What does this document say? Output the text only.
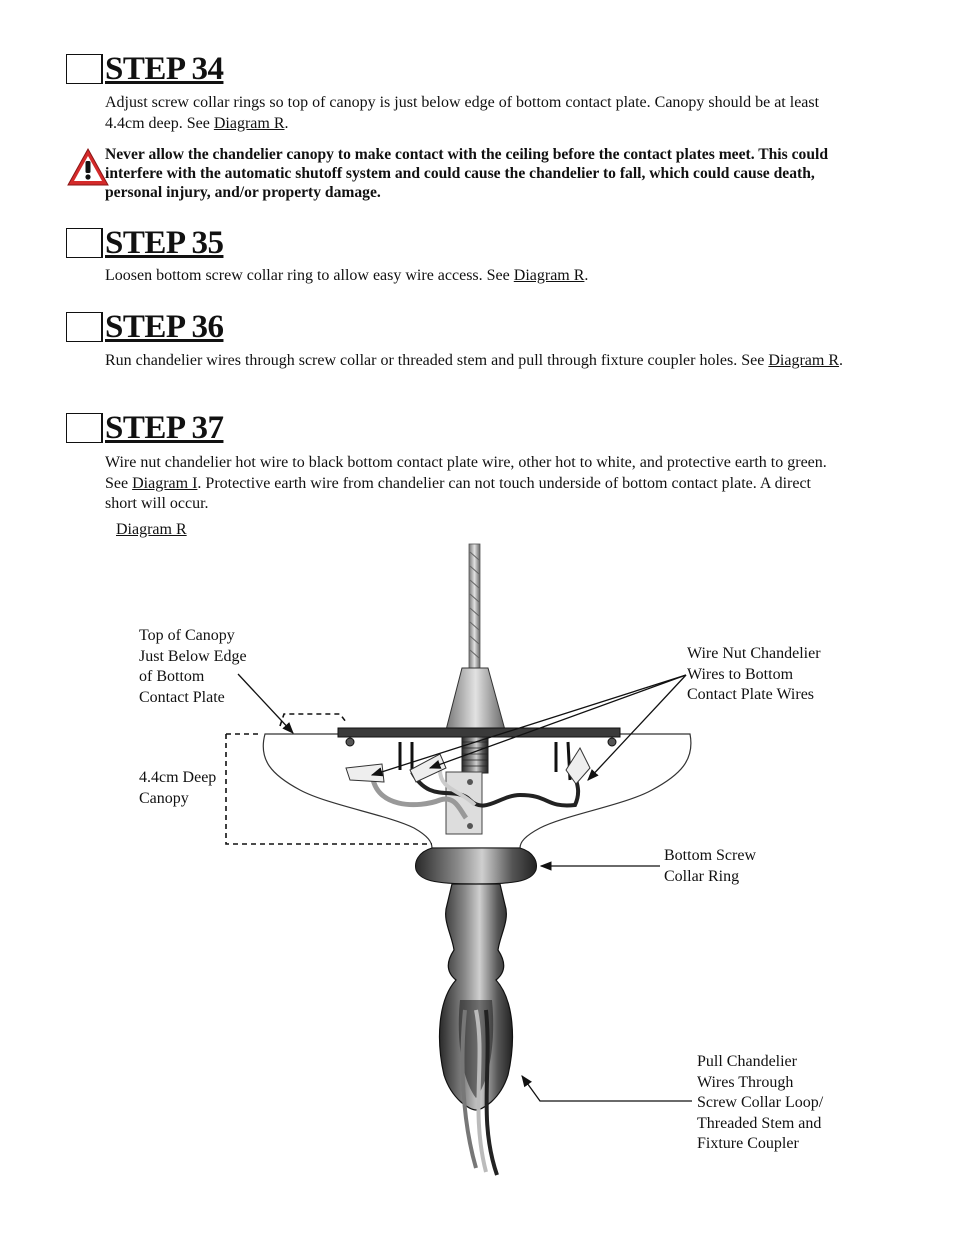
STEP 34

Adjust screw collar rings so top of canopy is just below edge of bottom contact plate. Canopy should be at least 4.4cm deep. See Diagram R.

Never allow the chandelier canopy to make contact with the ceiling before the contact plates meet. This could interfere with the automatic shutoff system and could cause the chandelier to fall, which could cause death, personal injury, and/or property damage.

STEP 35

Loosen bottom screw collar ring to allow easy wire access. See Diagram R.

STEP 36

Run chandelier wires through screw collar or threaded stem and pull through fixture coupler holes. See Diagram R.

STEP 37

Wire nut chandelier hot wire to black bottom contact plate wire, other hot to white, and protective earth to green. See Diagram I. Protective earth wire from chandelier can not touch underside of bottom contact plate. A direct short will occur.

Diagram R
Top of Canopy
Just Below Edge
of Bottom
Contact Plate
4.4cm Deep
Canopy
Wire Nut Chandelier
Wires to Bottom
Contact Plate Wires
Bottom Screw
Collar Ring
Pull Chandelier
Wires Through
Screw Collar Loop/
Threaded Stem and
Fixture Coupler
